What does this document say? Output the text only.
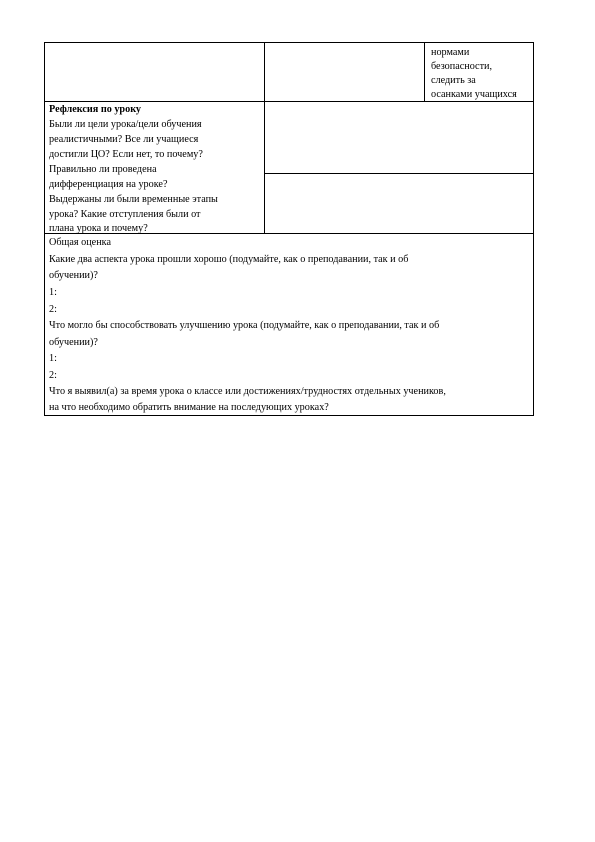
нормами
безопасности,
следить за
осанками учащихся
Рефлексия по уроку
Были ли цели урока/цели обучения
реалистичными? Все ли учащиеся
достигли ЦО? Если нет, то почему?
Правильно ли проведена
дифференциация на уроке?
Выдержаны ли были временные этапы
урока? Какие отступления были от
плана урока и почему?
Общая оценка
Какие два аспекта урока прошли хорошо (подумайте, как о преподавании, так и об
обучении)?
1:
2:
Что могло бы способствовать улучшению урока (подумайте, как о преподавании, так и об
обучении)?
1:
2:
Что я выявил(а) за время урока о классе или достижениях/трудностях отдельных учеников,
на что необходимо обратить внимание на последующих уроках?
